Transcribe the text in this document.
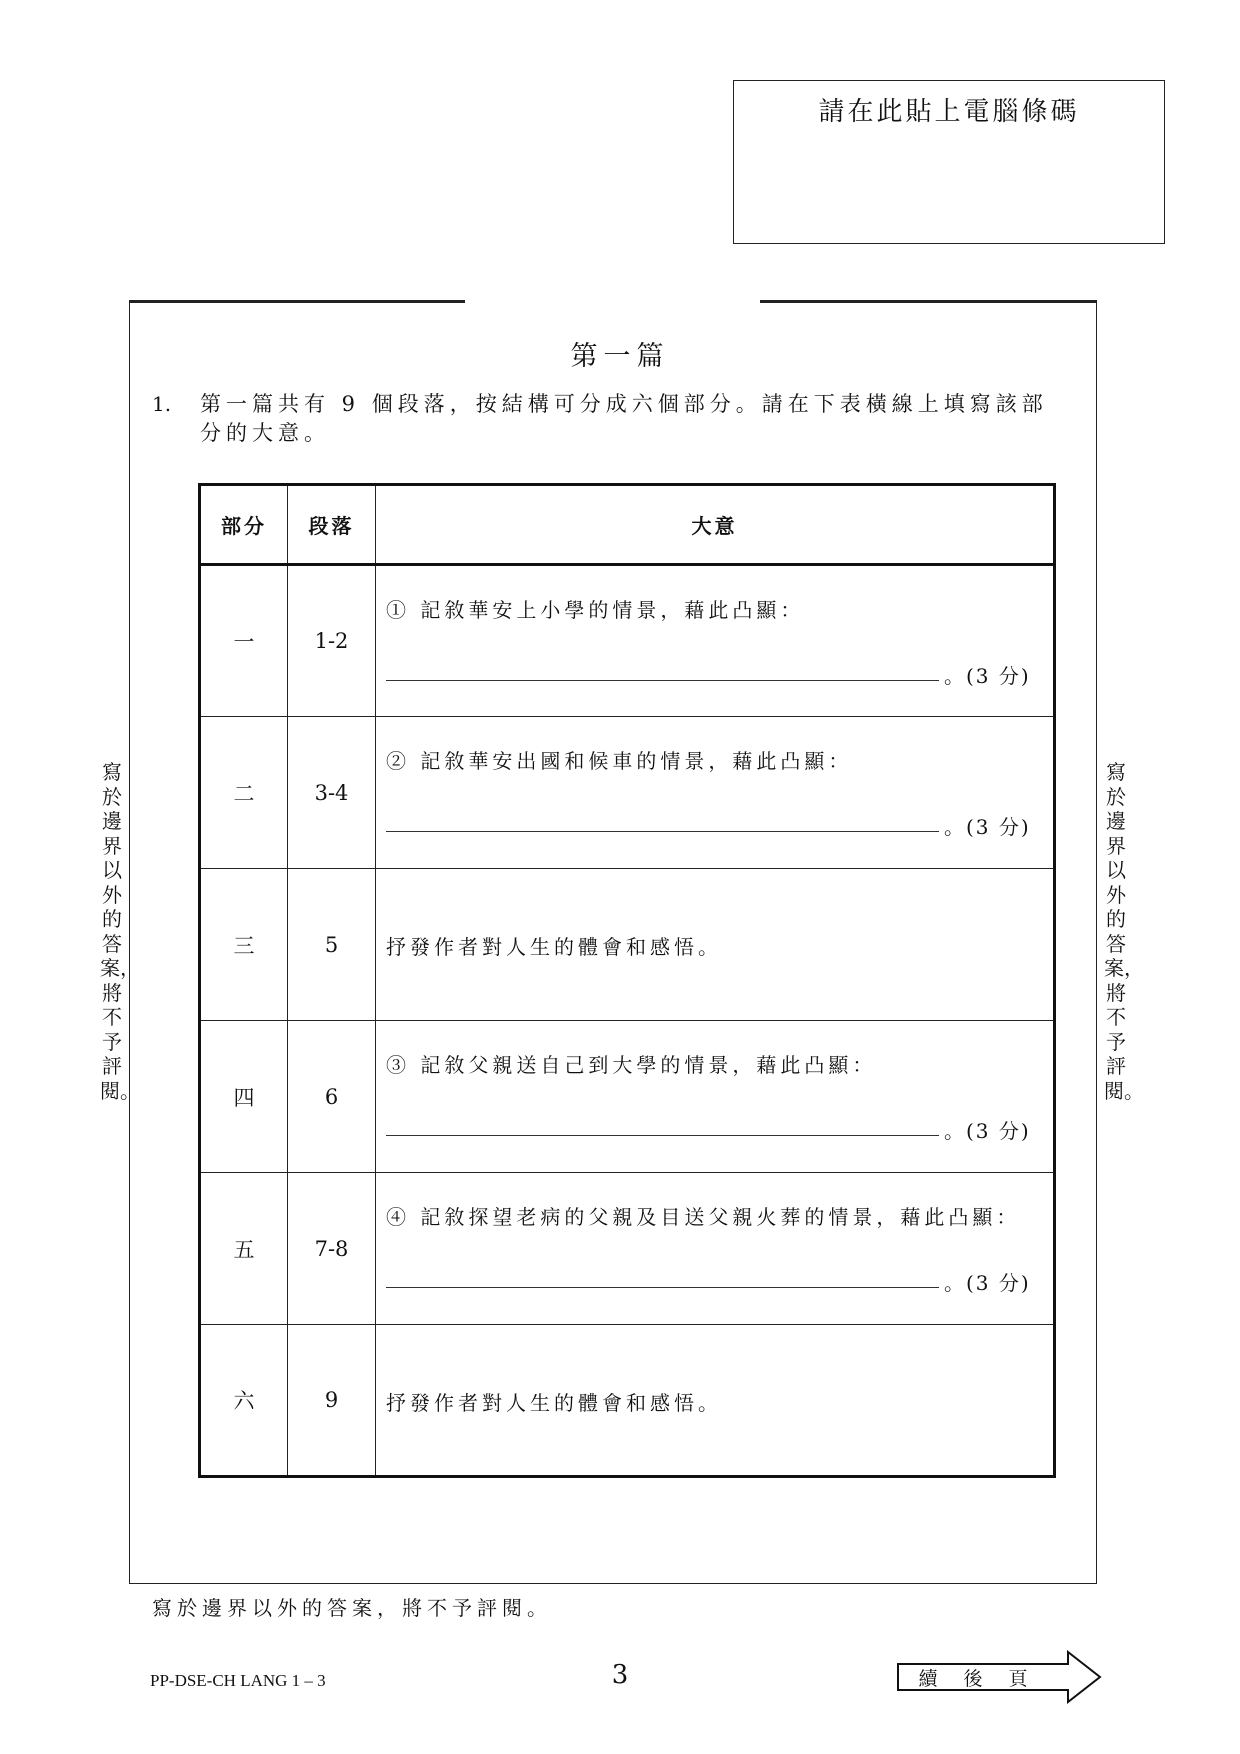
請在此貼上電腦條碼
第一篇
1. 第一篇共有 9 個段落，按結構可分成六個部分。請在下表橫線上填寫該部分的大意。
部分	段落	大意
一	1-2	① 記敘華安上小學的情景，藉此凸顯：
。(3 分)

二	3-4	② 記敘華安出國和候車的情景，藉此凸顯：
。(3 分)

三	5	抒發作者對人生的體會和感悟。

四	6	③ 記敘父親送自己到大學的情景，藉此凸顯：
。(3 分)

五	7-8	④ 記敘探望老病的父親及目送父親火葬的情景，藉此凸顯：
。(3 分)

六	9	抒發作者對人生的體會和感悟。
寫於邊界以外的答案，將不予評閱。
寫於邊界以外的答案，將不予評閱。
寫於邊界以外的答案，將不予評閱。
PP-DSE-CH LANG 1 – 3	3	續後頁
